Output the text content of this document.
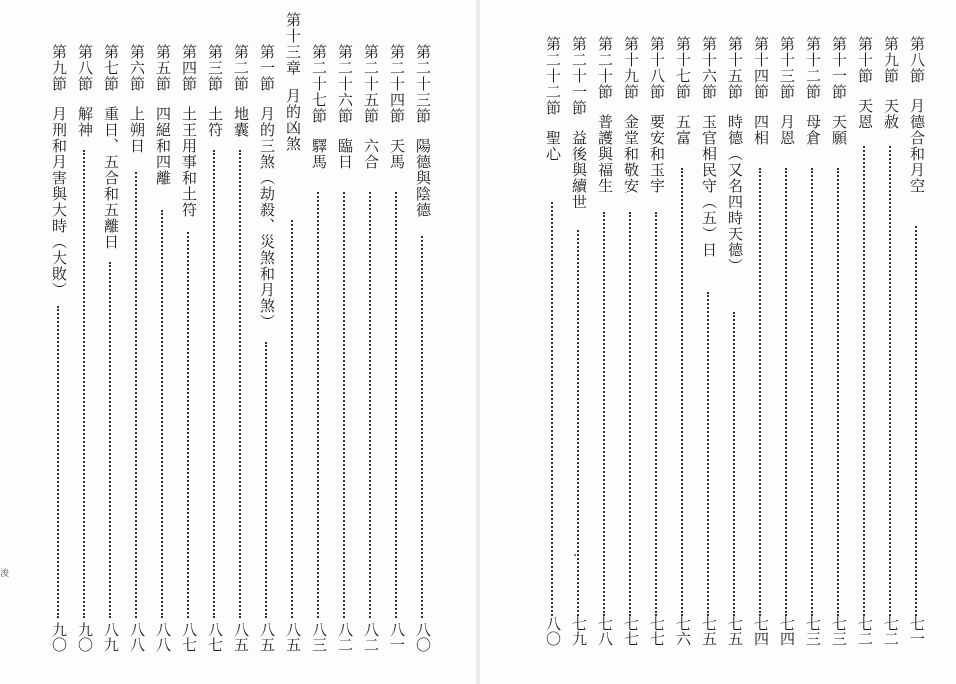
第二十三節陽德與陰德
八〇
第二十四節天馬
八一
第二十五節六合
八二
第二十六節臨日
八二
第二十七節驛馬
八三
第十三章月的凶煞
八五
第一節月的三煞（劫殺、災煞和月煞）
八五
第二節地囊
八五
第三節土符
八七
第四節土王用事和土符
八七
第五節四絕和四離
八八
第六節上朔日
八八
第七節重日、五合和五離日
八九
第八節解神
九〇
第九節月刑和月害與大時（大敗）
九〇
浚
第八節月德合和月空
七一
第九節天赦
七二
第十節天恩
七二
第十一節天願
七三
第十二節母倉
七三
第十三節月恩
七四
第十四節四相
七四
第十五節時德（又名四時天德）
七五
第十六節玉官相民守（五）日
七五
第十七節五富
七六
第十八節要安和玉宇
七七
第十九節金堂和敬安
七七
第二十節普護與福生
七八
第二十一節益後與續世
七九
第二十二節聖心
八〇
